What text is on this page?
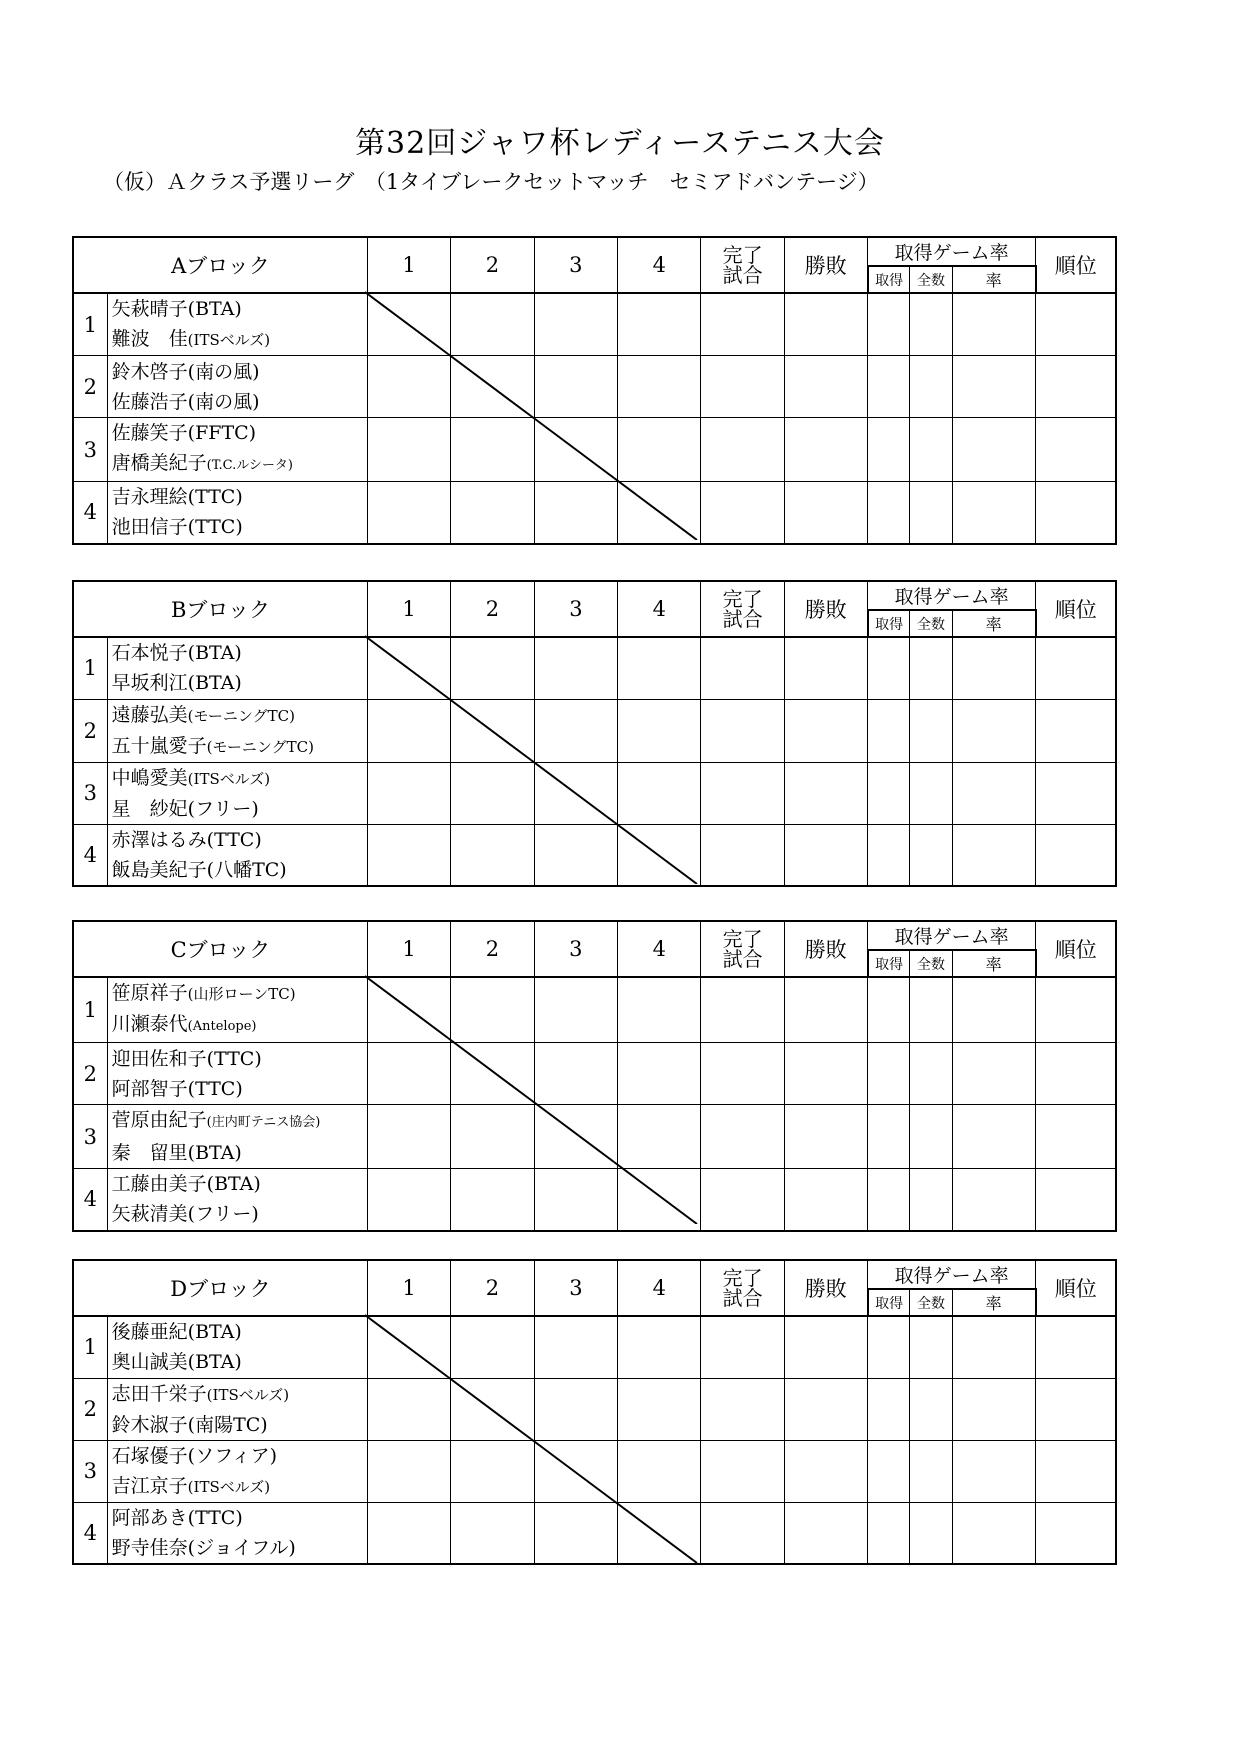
第32回ジャワ杯レディーステニス大会
（仮）Ａクラス予選リーグ　（1タイブレークセットマッチ　セミアドバンテージ）
Aブロック		1	2	3	4	完了
試合	勝敗	取得ゲーム率			順位
								取得	全数	率	
1	矢萩晴子(BTA)
難波　佳(ITSベルズ)										

2	鈴木啓子(南の風)
佐藤浩子(南の風)										

3	佐藤笑子(FFTC)
唐橋美紀子(T.C.ルシータ)										

4	吉永理絵(TTC)
池田信子(TTC)										

Bブロック		1	2	3	4	完了
試合	勝敗	取得ゲーム率			順位
								取得	全数	率	
1	石本悦子(BTA)
早坂利江(BTA)										

2	遠藤弘美(モーニングTC)
五十嵐愛子(モーニングTC)										

3	中嶋愛美(ITSベルズ)
星　紗妃(フリー)										

4	赤澤はるみ(TTC)
飯島美紀子(八幡TC)										

Cブロック		1	2	3	4	完了
試合	勝敗	取得ゲーム率			順位
								取得	全数	率	
1	笹原祥子(山形ローンTC)
川瀬泰代(Antelope)										

2	迎田佐和子(TTC)
阿部智子(TTC)										

3	菅原由紀子(庄内町テニス協会)
秦　留里(BTA)										

4	工藤由美子(BTA)
矢萩清美(フリー)										

Dブロック		1	2	3	4	完了
試合	勝敗	取得ゲーム率			順位
								取得	全数	率	
1	後藤亜紀(BTA)
奥山誠美(BTA)										

2	志田千栄子(ITSベルズ)
鈴木淑子(南陽TC)										

3	石塚優子(ソフィア)
吉江京子(ITSベルズ)										

4	阿部あき(TTC)
野寺佳奈(ジョイフル)										
